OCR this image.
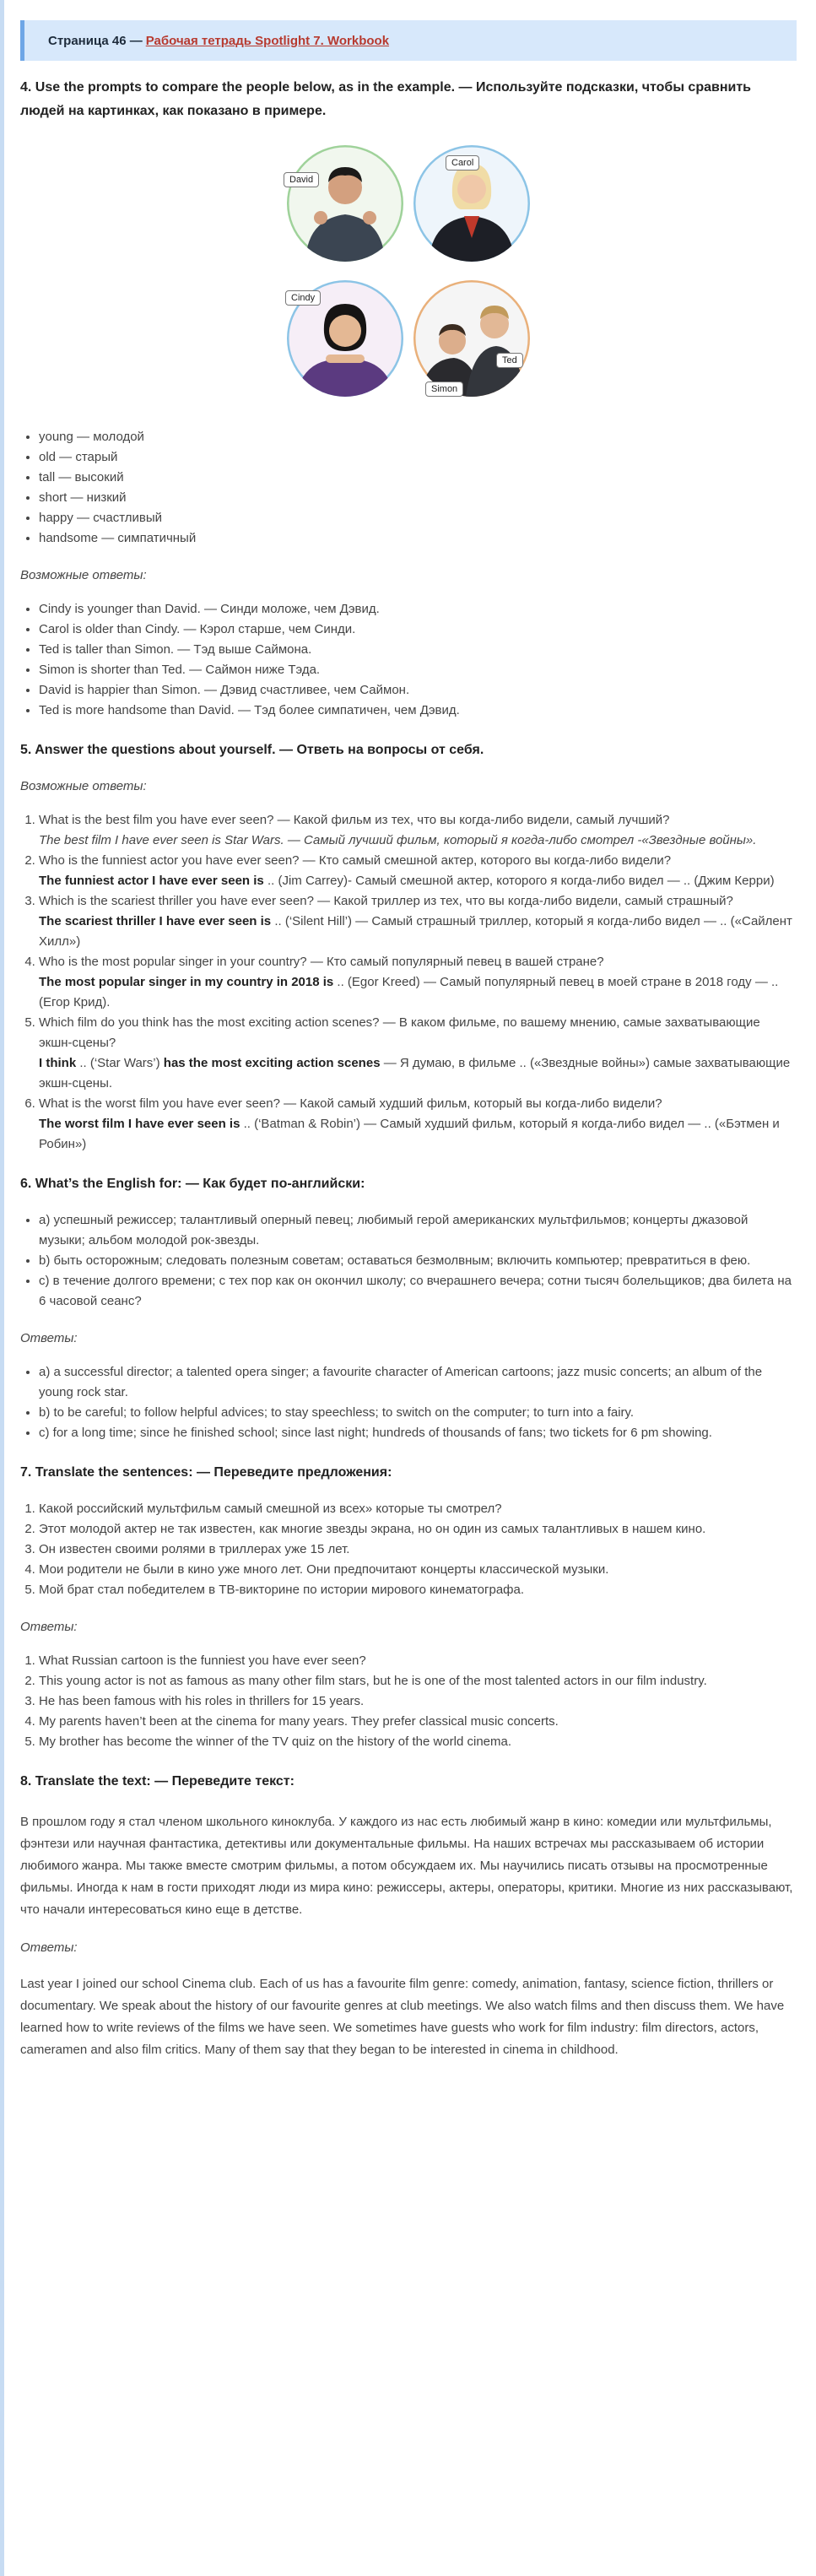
Страница 46 — Рабочая тетрадь Spotlight 7. Workbook
4. Use the prompts to compare the people below, as in the example. — Используйте подсказки, чтобы сравнить людей на картинках, как показано в примере.
David
Carol
Cindy
Simon
Ted
• young — молодой
• old — старый
• tall — высокий
• short — низкий
• happy — счастливый
• handsome — симпатичный

Возможные ответы:

• Cindy is younger than David. — Синди моложе, чем Дэвид.
• Carol is older than Cindy. — Кэрол старше, чем Синди.
• Ted is taller than Simon. — Тэд выше Саймона.
• Simon is shorter than Ted. — Саймон ниже Тэда.
• David is happier than Simon. — Дэвид счастливее, чем Саймон.
• Ted is more handsome than David. — Тэд более симпатичен, чем Дэвид.
5. Answer the questions about yourself. — Ответь на вопросы от себя.

Возможные ответы:

1. What is the best film you have ever seen? — Какой фильм из тех, что вы когда-либо видели, самый лучший?
The best film I have ever seen is Star Wars. — Самый лучший фильм, который я когда-либо смотрел -«Звездные войны».
2. Who is the funniest actor you have ever seen? — Кто самый смешной актер, которого вы когда-либо видели?
The funniest actor I have ever seen is .. (Jim Carrey)- Самый смешной актер, которого я когда-либо видел — .. (Джим Керри)
3. Which is the scariest thriller you have ever seen? — Какой триллер из тех, что вы когда-либо видели, самый страшный?
The scariest thriller I have ever seen is .. (‘Silent Hill’) — Самый страшный триллер, который я когда-либо видел — .. («Сайлент Хилл»)
4. Who is the most popular singer in your country? — Кто самый популярный певец в вашей стране?
The most popular singer in my country in 2018 is .. (Egor Kreed) — Самый популярный певец в моей стране в 2018 году — .. (Егор Крид).
5. Which film do you think has the most exciting action scenes? — В каком фильме, по вашему мнению, самые захватывающие экшн-сцены?
I think .. (‘Star Wars’) has the most exciting action scenes — Я думаю, в фильме .. («Звездные войны») самые захватывающие экшн-сцены.
6. What is the worst film you have ever seen? — Какой самый худший фильм, который вы когда-либо видели?
The worst film I have ever seen is .. (‘Batman & Robin’) — Самый худший фильм, который я когда-либо видел — .. («Бэтмен и Робин»)
6. What’s the English for: — Как будет по-английски:
• a) успешный режиссер; талантливый оперный певец; любимый герой американских мультфильмов; концерты джазовой музыки; альбом молодой рок-звезды.
• b) быть осторожным; следовать полезным советам; оставаться безмолвным; включить компьютер; превратиться в фею.
• c) в течение долгого времени; с тех пор как он окончил школу; со вчерашнего вечера; сотни тысяч болельщиков; два билета на 6 часовой сеанс?

Ответы:

• a) a successful director; a talented opera singer; a favourite character of American cartoons; jazz music concerts; an album of the young rock star.
• b) to be careful; to follow helpful advices; to stay speechless; to switch on the computer; to turn into a fairy.
• c) for a long time; since he finished school; since last night; hundreds of thousands of fans; two tickets for 6 pm showing.
7. Translate the sentences: — Переведите предложения:
1. Какой российский мультфильм самый смешной из всех» которые ты смотрел?
2. Этот молодой актер не так известен, как многие звезды экрана, но он один из самых талантливых в нашем кино.
3. Он известен своими ролями в триллерах уже 15 лет.
4. Мои родители не были в кино уже много лет. Они предпочитают концерты классической музыки.
5. Мой брат стал победителем в ТВ-викторине по истории мирового кинематографа.

Ответы:

1. What Russian cartoon is the funniest you have ever seen?
2. This young actor is not as famous as many other film stars, but he is one of the most talented actors in our film industry.
3. He has been famous with his roles in thrillers for 15 years.
4. My parents haven’t been at the cinema for many years. They prefer classical music concerts.
5. My brother has become the winner of the TV quiz on the history of the world cinema.
8. Translate the text: — Переведите текст:

В прошлом году я стал членом школьного киноклуба. У каждого из нас есть любимый жанр в кино: комедии или мультфильмы, фэнтези или научная фантастика, детективы или документальные фильмы. На наших встречах мы рассказываем об истории любимого жанра. Мы также вместе смотрим фильмы, а потом обсуждаем их. Мы научились писать отзывы на просмотренные фильмы. Иногда к нам в гости приходят люди из мира кино: режиссеры, актеры, операторы, критики. Многие из них рассказывают, что начали интересоваться кино еще в детстве.

Ответы:

Last year I joined our school Cinema club. Each of us has a favourite film genre: comedy, animation, fantasy, science fiction, thrillers or documentary. We speak about the history of our favourite genres at club meetings. We also watch films and then discuss them. We have learned how to write reviews of the films we have seen. We sometimes have guests who work for film industry: film directors, actors, cameramen and also film critics. Many of them say that they began to be interested in cinema in childhood.
